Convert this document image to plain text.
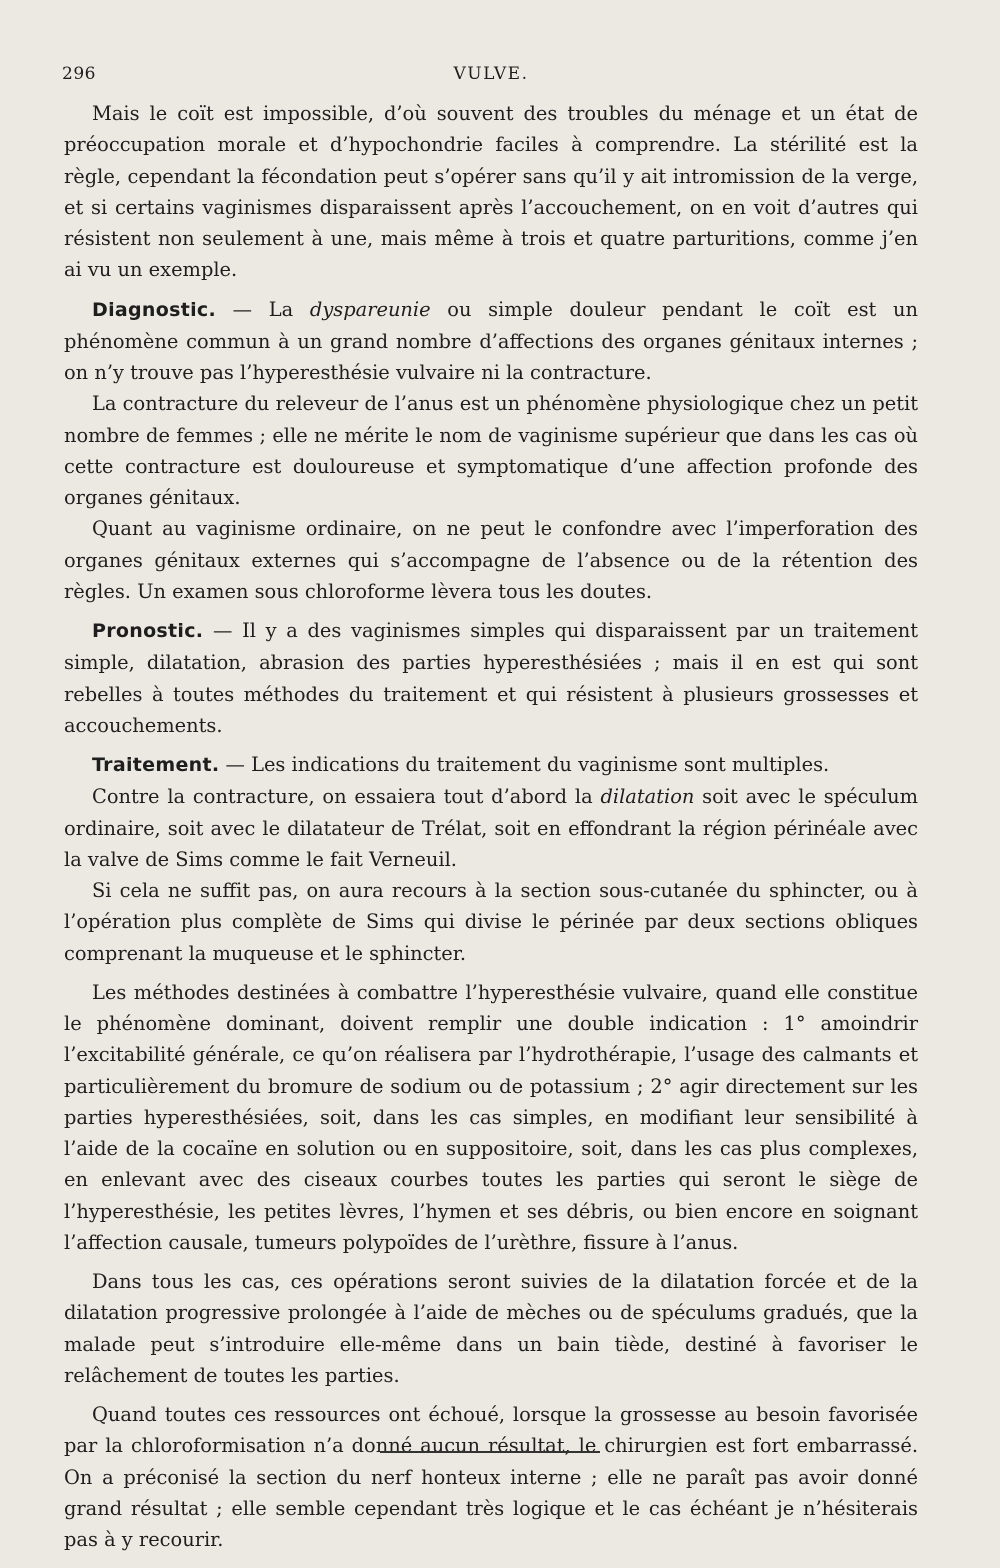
296	VULVE.

Mais le coït est impossible, d’où souvent des troubles du ménage et un état de préoccupation morale et d’hypochondrie faciles à comprendre. La stérilité est la règle, cependant la fécondation peut s’opérer sans qu’il y ait intromission de la verge, et si certains vaginismes disparaissent après l’accouchement, on en voit d’autres qui résistent non seulement à une, mais même à trois et quatre parturitions, comme j’en ai vu un exemple.

Diagnostic. — La dyspareunie ou simple douleur pendant le coït est un phénomène commun à un grand nombre d’affections des organes génitaux internes ; on n’y trouve pas l’hyperesthésie vulvaire ni la contracture.

La contracture du releveur de l’anus est un phénomène physiologique chez un petit nombre de femmes ; elle ne mérite le nom de vaginisme supérieur que dans les cas où cette contracture est douloureuse et symptomatique d’une affection profonde des organes génitaux.

Quant au vaginisme ordinaire, on ne peut le confondre avec l’imperforation des organes génitaux externes qui s’accompagne de l’absence ou de la rétention des règles. Un examen sous chloroforme lèvera tous les doutes.

Pronostic. — Il y a des vaginismes simples qui disparaissent par un traitement simple, dilatation, abrasion des parties hyperesthésiées ; mais il en est qui sont rebelles à toutes méthodes du traitement et qui résistent à plusieurs grossesses et accouchements.

Traitement. — Les indications du traitement du vaginisme sont multiples.

Contre la contracture, on essaiera tout d’abord la dilatation soit avec le spéculum ordinaire, soit avec le dilatateur de Trélat, soit en effondrant la région périnéale avec la valve de Sims comme le fait Verneuil.

Si cela ne suffit pas, on aura recours à la section sous-cutanée du sphincter, ou à l’opération plus complète de Sims qui divise le périnée par deux sections obliques comprenant la muqueuse et le sphincter.

Les méthodes destinées à combattre l’hyperesthésie vulvaire, quand elle constitue le phénomène dominant, doivent remplir une double indication : 1° amoindrir l’excitabilité générale, ce qu’on réalisera par l’hydrothérapie, l’usage des calmants et particulièrement du bromure de sodium ou de potassium ; 2° agir directement sur les parties hyperesthésiées, soit, dans les cas simples, en modifiant leur sensibilité à l’aide de la cocaïne en solution ou en suppositoire, soit, dans les cas plus complexes, en enlevant avec des ciseaux courbes toutes les parties qui seront le siège de l’hyperesthésie, les petites lèvres, l’hymen et ses débris, ou bien encore en soignant l’affection causale, tumeurs polypoïdes de l’urèthre, fissure à l’anus.

Dans tous les cas, ces opérations seront suivies de la dilatation forcée et de la dilatation progressive prolongée à l’aide de mèches ou de spéculums gradués, que la malade peut s’introduire elle-même dans un bain tiède, destiné à favoriser le relâchement de toutes les parties.

Quand toutes ces ressources ont échoué, lorsque la grossesse au besoin favorisée par la chloroformisation n’a donné aucun résultat, le chirurgien est fort embarrassé. On a préconisé la section du nerf honteux interne ; elle ne paraît pas avoir donné grand résultat ; elle semble cependant très logique et le cas échéant je n’hésiterais pas à y recourir.
